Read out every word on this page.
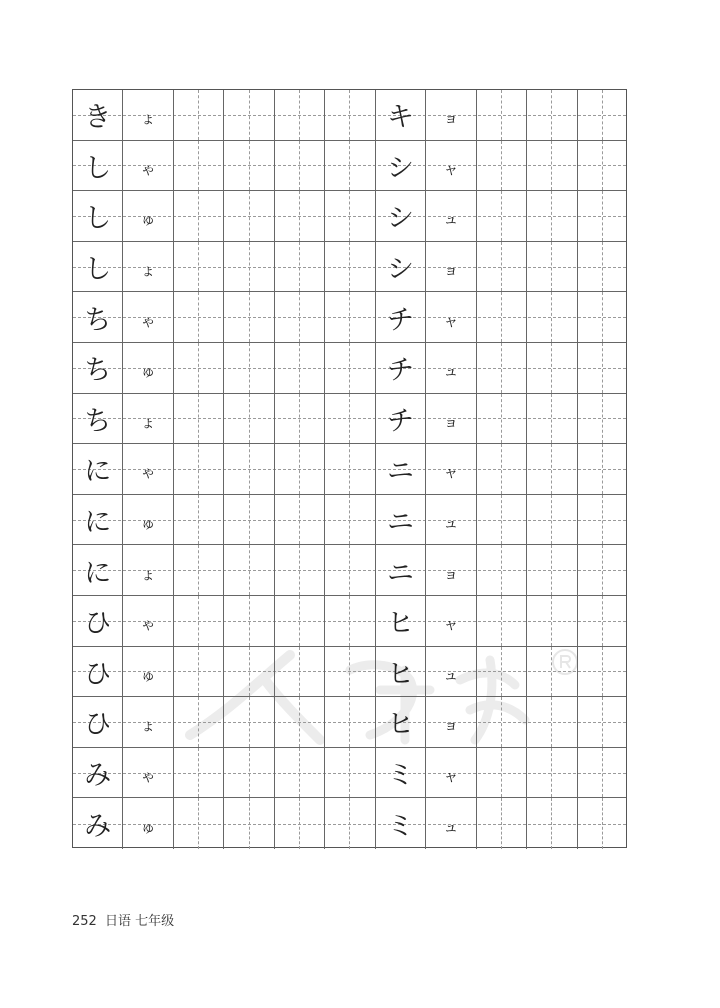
き	ょ	キ	ョ
し	ゃ	シ	ャ
し	ゅ	シ	ュ
し	ょ	シ	ョ
ち	ゃ	チ	ャ
ち	ゅ	チ	ュ
ち	ょ	チ	ョ
に	ゃ	ニ	ャ
に	ゅ	ニ	ュ
に	ょ	ニ	ョ
ひ	ゃ	ヒ	ャ
ひ	ゅ	ヒ	ュ
ひ	ょ	ヒ	ョ
み	ゃ	ミ	ャ
み	ゅ	ミ	ュ
252 日语 七年级
